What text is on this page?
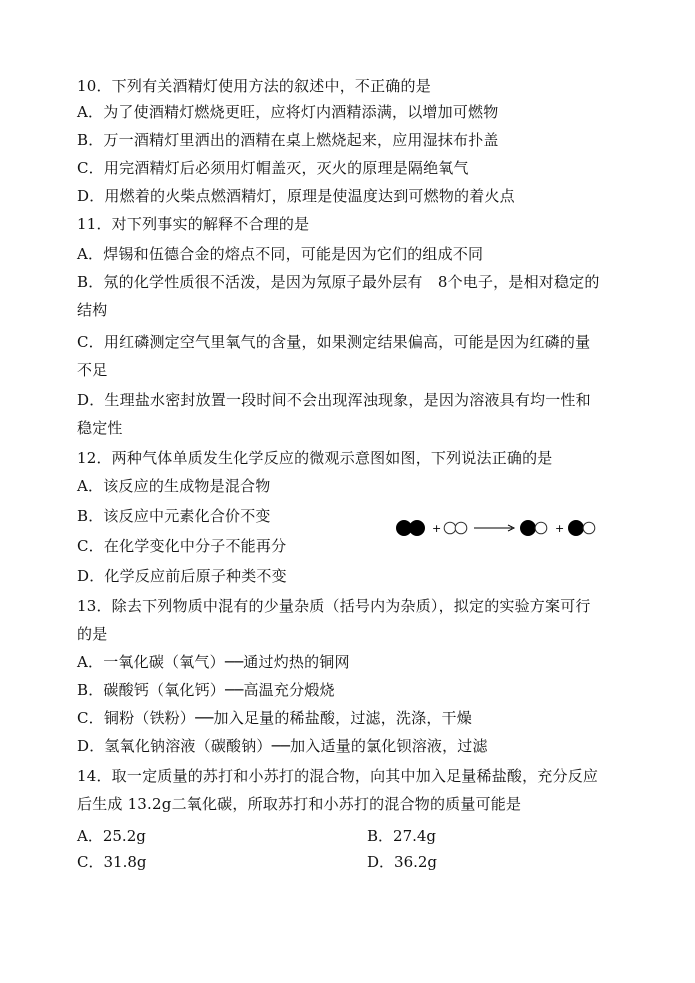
10．下列有关酒精灯使用方法的叙述中，不正确的是
A．为了使酒精灯燃烧更旺，应将灯内酒精添满，以增加可燃物
B．万一酒精灯里洒出的酒精在桌上燃烧起来，应用湿抹布扑盖
C．用完酒精灯后必须用灯帽盖灭，灭火的原理是隔绝氧气
D．用燃着的火柴点燃酒精灯，原理是使温度达到可燃物的着火点
11．对下列事实的解释不合理的是
A．焊锡和伍德合金的熔点不同，可能是因为它们的组成不同
B．氖的化学性质很不活泼，是因为氖原子最外层有　8个电子，是相对稳定的
结构
C．用红磷测定空气里氧气的含量，如果测定结果偏高，可能是因为红磷的量
不足
D．生理盐水密封放置一段时间不会出现浑浊现象，是因为溶液具有均一性和
稳定性
12．两种气体单质发生化学反应的微观示意图如图，下列说法正确的是
A．该反应的生成物是混合物
B．该反应中元素化合价不变
C．在化学变化中分子不能再分
D．化学反应前后原子种类不变
+	+
13．除去下列物质中混有的少量杂质（括号内为杂质），拟定的实验方案可行
的是
A．一氧化碳（氧气）──通过灼热的铜网
B．碳酸钙（氧化钙）──高温充分煅烧
C．铜粉（铁粉）──加入足量的稀盐酸，过滤，洗涤，干燥
D．氢氧化钠溶液（碳酸钠）──加入适量的氯化钡溶液，过滤
14．取一定质量的苏打和小苏打的混合物，向其中加入足量稀盐酸，充分反应
后生成 13.2g二氧化碳，所取苏打和小苏打的混合物的质量可能是
A．25.2g	B．27.4g
C．31.8g	D．36.2g
